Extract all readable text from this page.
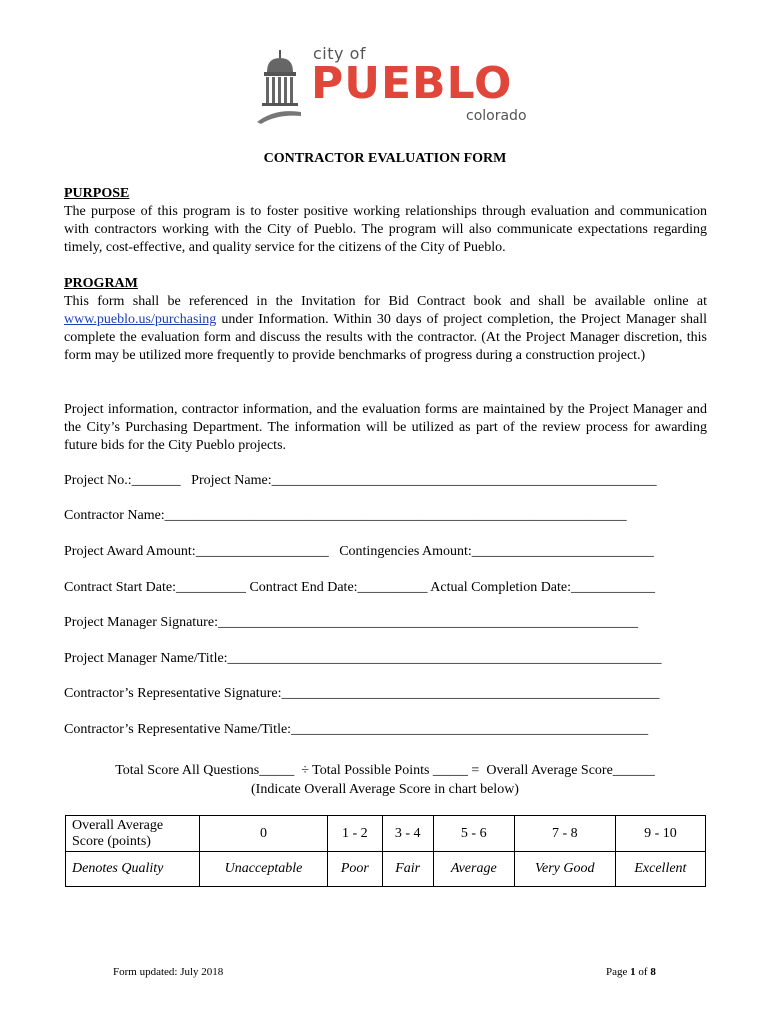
city of
PUEBLO
colorado
CONTRACTOR EVALUATION FORM
PURPOSE
The purpose of this program is to foster positive working relationships through evaluation and communication with contractors working with the City of Pueblo. The program will also communicate expectations regarding timely, cost-effective, and quality service for the citizens of the City of Pueblo.
PROGRAM
This form shall be referenced in the Invitation for Bid Contract book and shall be available online at www.pueblo.us/purchasing under Information. Within 30 days of project completion, the Project Manager shall complete the evaluation form and discuss the results with the contractor. (At the Project Manager discretion, this form may be utilized more frequently to provide benchmarks of progress during a construction project.)
Project information, contractor information, and the evaluation forms are maintained by the Project Manager and the City’s Purchasing Department. The information will be utilized as part of the review process for awarding future bids for the City Pueblo projects.
Project No.:_______   Project Name:_______________________________________________________
Contractor Name:__________________________________________________________________
Project Award Amount:___________________   Contingencies Amount:__________________________
Contract Start Date:__________ Contract End Date:__________ Actual Completion Date:____________
Project Manager Signature:____________________________________________________________
Project Manager Name/Title:______________________________________________________________
Contractor’s Representative Signature:______________________________________________________
Contractor’s Representative Name/Title:___________________________________________________
Total Score All Questions_____  ÷ Total Possible Points _____ =  Overall Average Score______
(Indicate Overall Average Score in chart below)
Overall Average Score (points)	0	1 - 2	3 - 4	5 - 6	7 - 8	9 - 10
Denotes Quality	Unacceptable	Poor	Fair	Average	Very Good	Excellent
Form updated: July 2018	Page 1 of 8
